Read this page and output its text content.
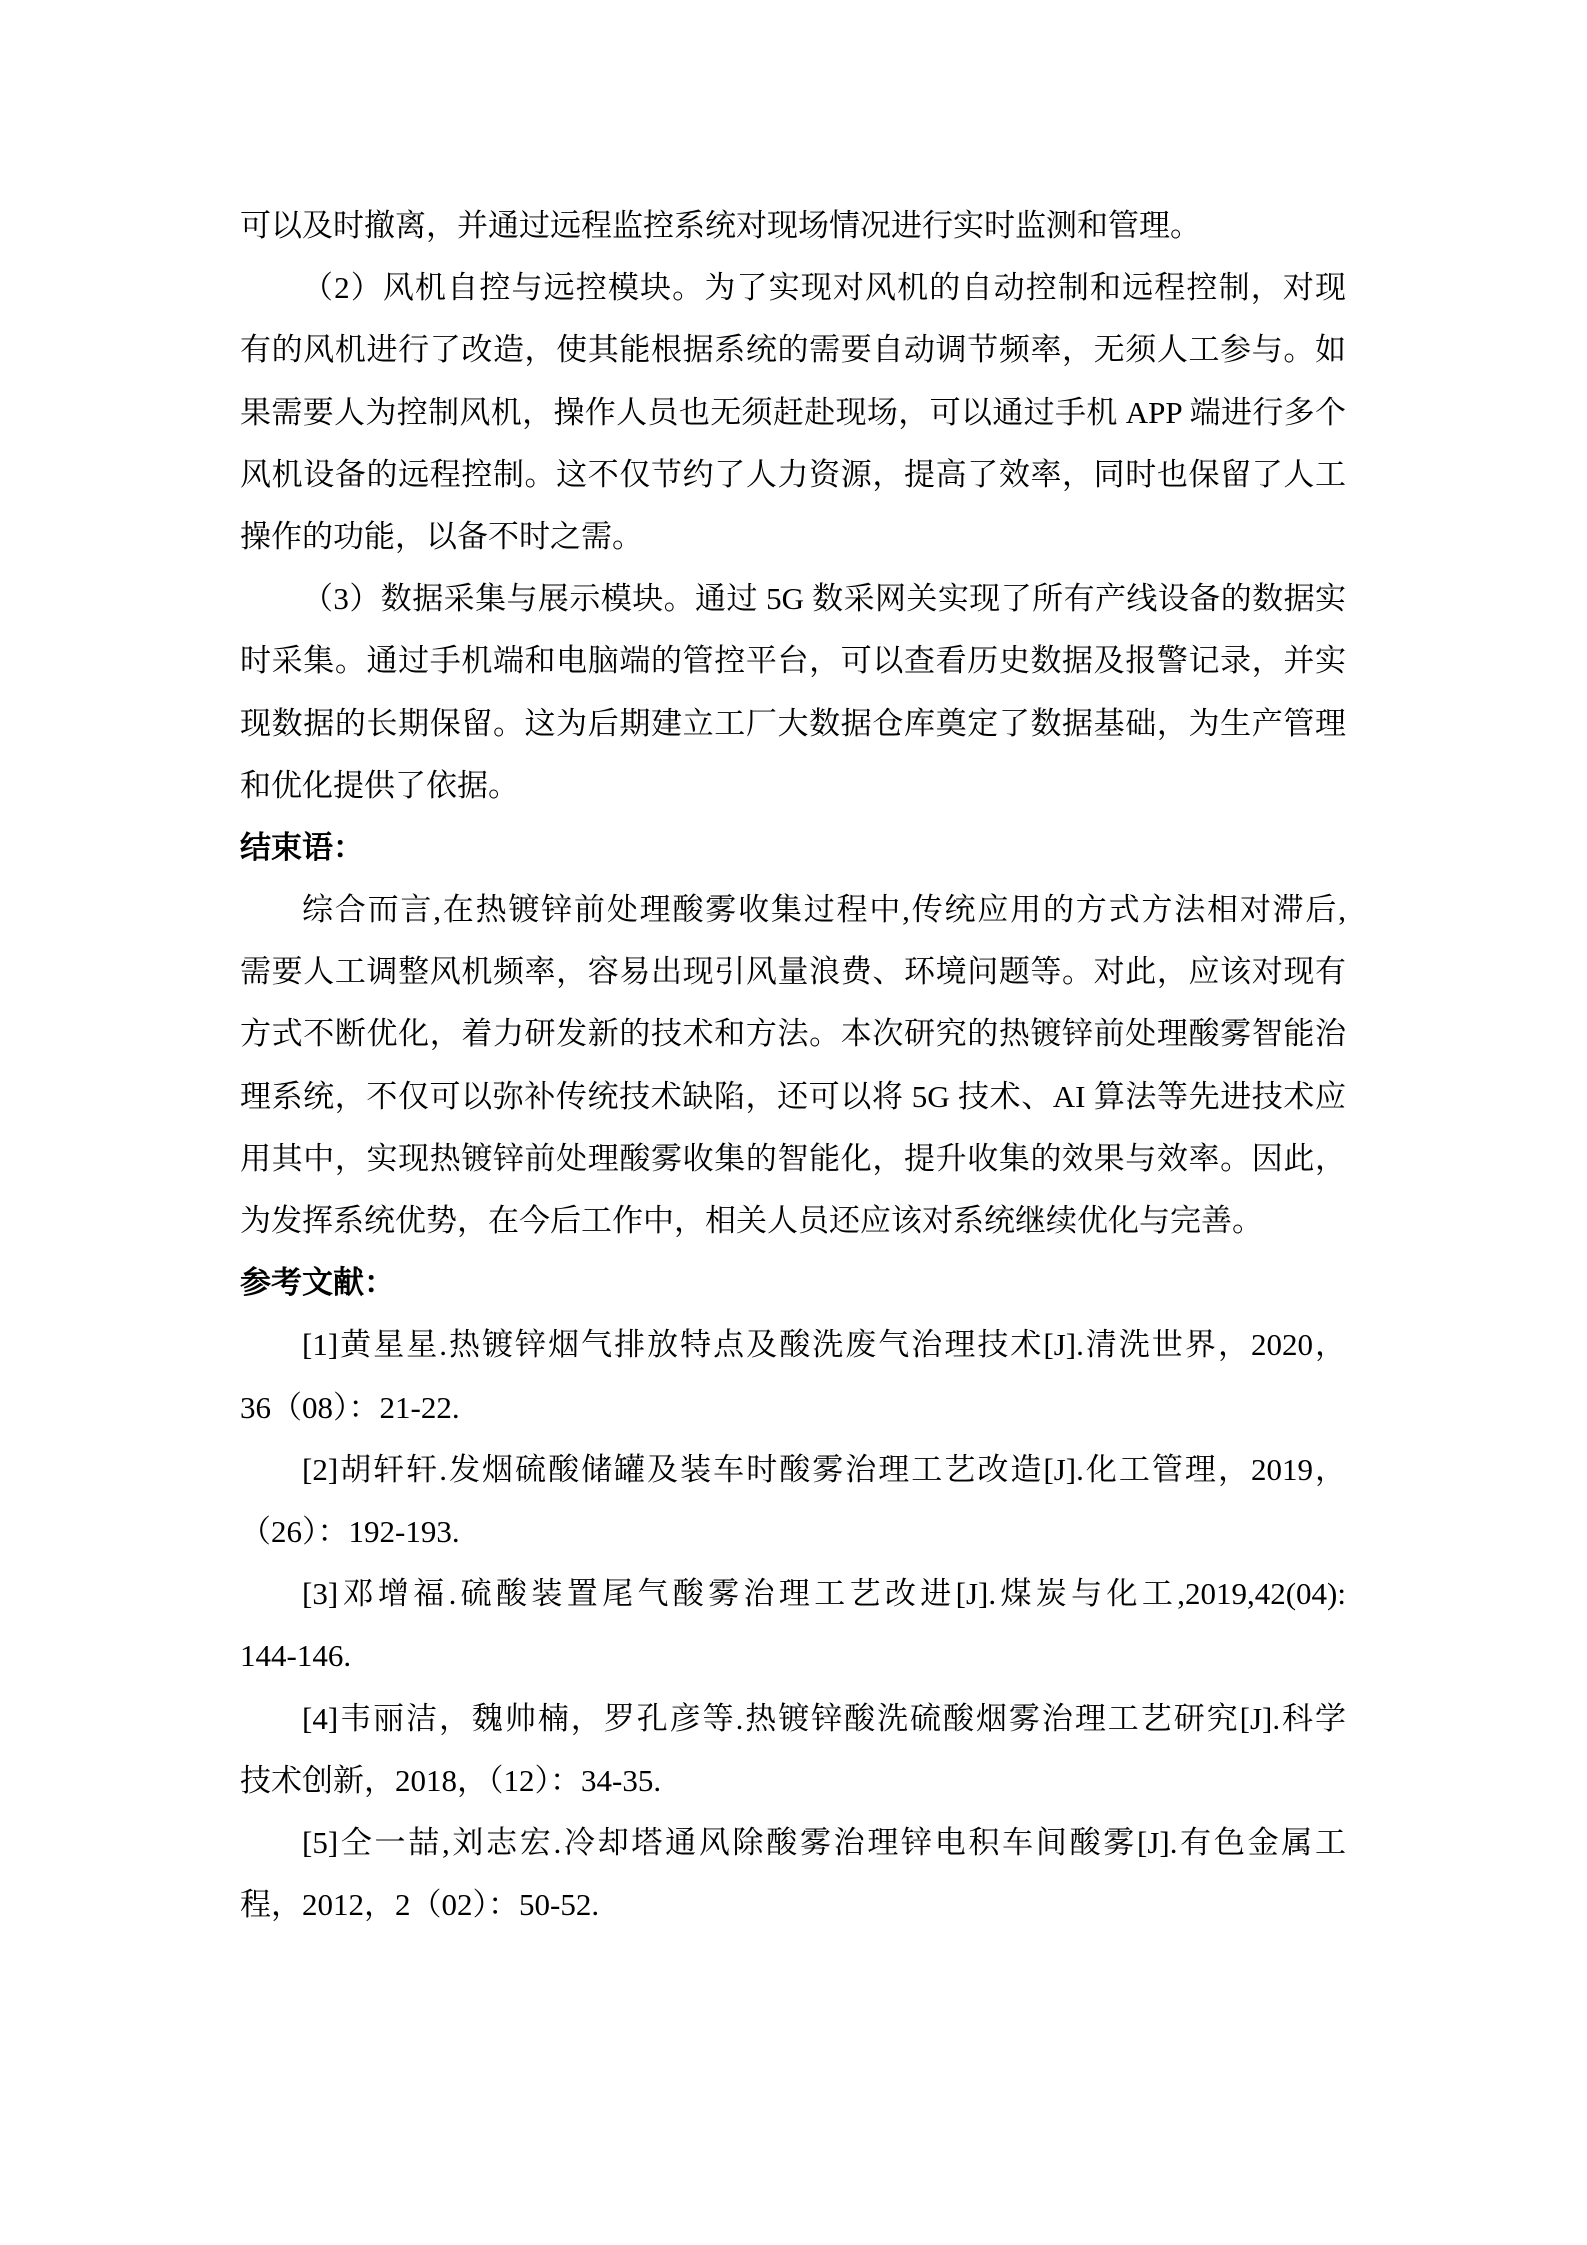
可以及时撤离，并通过远程监控系统对现场情况进行实时监测和管理。
（2）风机自控与远控模块。为了实现对风机的自动控制和远程控制，对现
有的风机进行了改造，使其能根据系统的需要自动调节频率，无须人工参与。如
果需要人为控制风机，操作人员也无须赶赴现场，可以通过手机 APP 端进行多个
风机设备的远程控制。这不仅节约了人力资源，提高了效率，同时也保留了人工
操作的功能，以备不时之需。
（3）数据采集与展示模块。通过 5G 数采网关实现了所有产线设备的数据实
时采集。通过手机端和电脑端的管控平台，可以查看历史数据及报警记录，并实
现数据的长期保留。这为后期建立工厂大数据仓库奠定了数据基础，为生产管理
和优化提供了依据。
结束语：
综合而言,在热镀锌前处理酸雾收集过程中,传统应用的方式方法相对滞后,
需要人工调整风机频率，容易出现引风量浪费、环境问题等。对此，应该对现有
方式不断优化，着力研发新的技术和方法。本次研究的热镀锌前处理酸雾智能治
理系统，不仅可以弥补传统技术缺陷，还可以将 5G 技术、AI 算法等先进技术应
用其中，实现热镀锌前处理酸雾收集的智能化，提升收集的效果与效率。因此，
为发挥系统优势，在今后工作中，相关人员还应该对系统继续优化与完善。
参考文献：
[1]黄星星.热镀锌烟气排放特点及酸洗废气治理技术[J].清洗世界，2020，
36（08）：21-22.
[2]胡轩轩.发烟硫酸储罐及装车时酸雾治理工艺改造[J].化工管理，2019，
（26）：192-193.
[3]邓增福.硫酸装置尾气酸雾治理工艺改进[J].煤炭与化工,2019,42(04):
144-146.
[4]韦丽洁，魏帅楠，罗孔彦等.热镀锌酸洗硫酸烟雾治理工艺研究[J].科学
技术创新，2018，（12）：34-35.
[5]仝一喆,刘志宏.冷却塔通风除酸雾治理锌电积车间酸雾[J].有色金属工
程，2012，2（02）：50-52.
